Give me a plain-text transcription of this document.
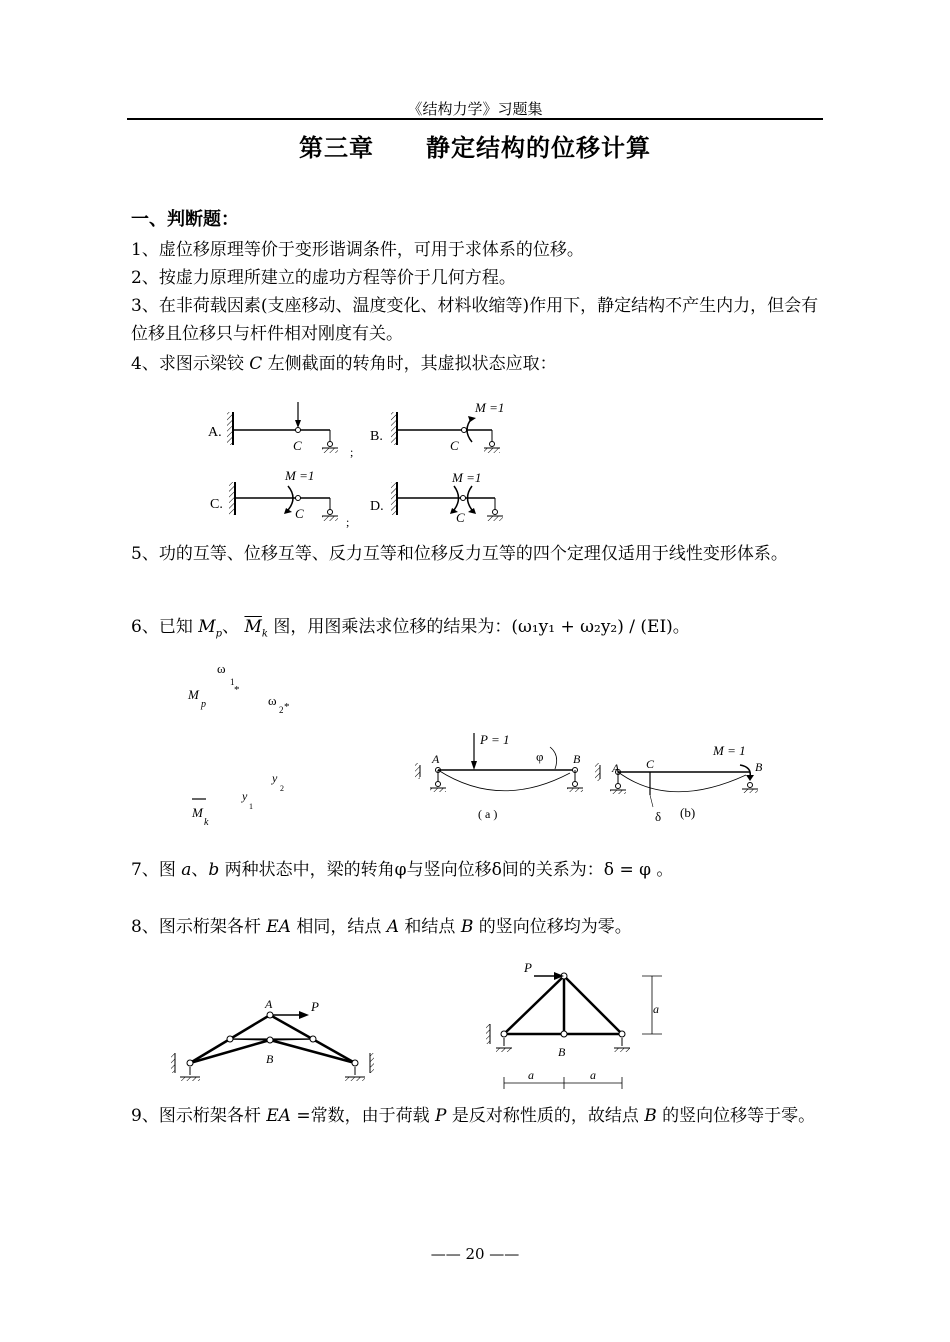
《结构力学》习题集
第三章 静定结构的位移计算
一、判断题：
1、虚位移原理等价于变形谐调条件，可用于求体系的位移。
2、按虚力原理所建立的虚功方程等价于几何方程。
3、在非荷载因素(支座移动、温度变化、材料收缩等)作用下，静定结构不产生内力，但会有位移且位移只与杆件相对刚度有关。
4、求图示梁铰 C 左侧截面的转角时，其虚拟状态应取：
A.
C	;
B.
M =1
C
C.
M =1
C
;
D.
M =1
C
5、功的互等、位移互等、反力互等和位移反力互等的四个定理仅适用于线性变形体系。
6、已知 $M_p$、 $\overline{M}_k$ 图，用图乘法求位移的结果为：(ω₁y₁ + ω₂y₂) / (EI)。
ω
1
*
M
p	ω
2 *
y
2
y
1
M
k
A
P = 1
φ B
( a )
A C
δ (b)
M = 1
B
7、图 a、b 两种状态中，梁的转角φ与竖向位移δ间的关系为：δ = φ 。
8、图示桁架各杆 EA 相同，结点 A 和结点 B 的竖向位移均为零。
A
B
P
P
B
a
a	a
9、图示桁架各杆 EA =常数，由于荷载 P 是反对称性质的，故结点 B 的竖向位移等于零。
—— 20 ——
